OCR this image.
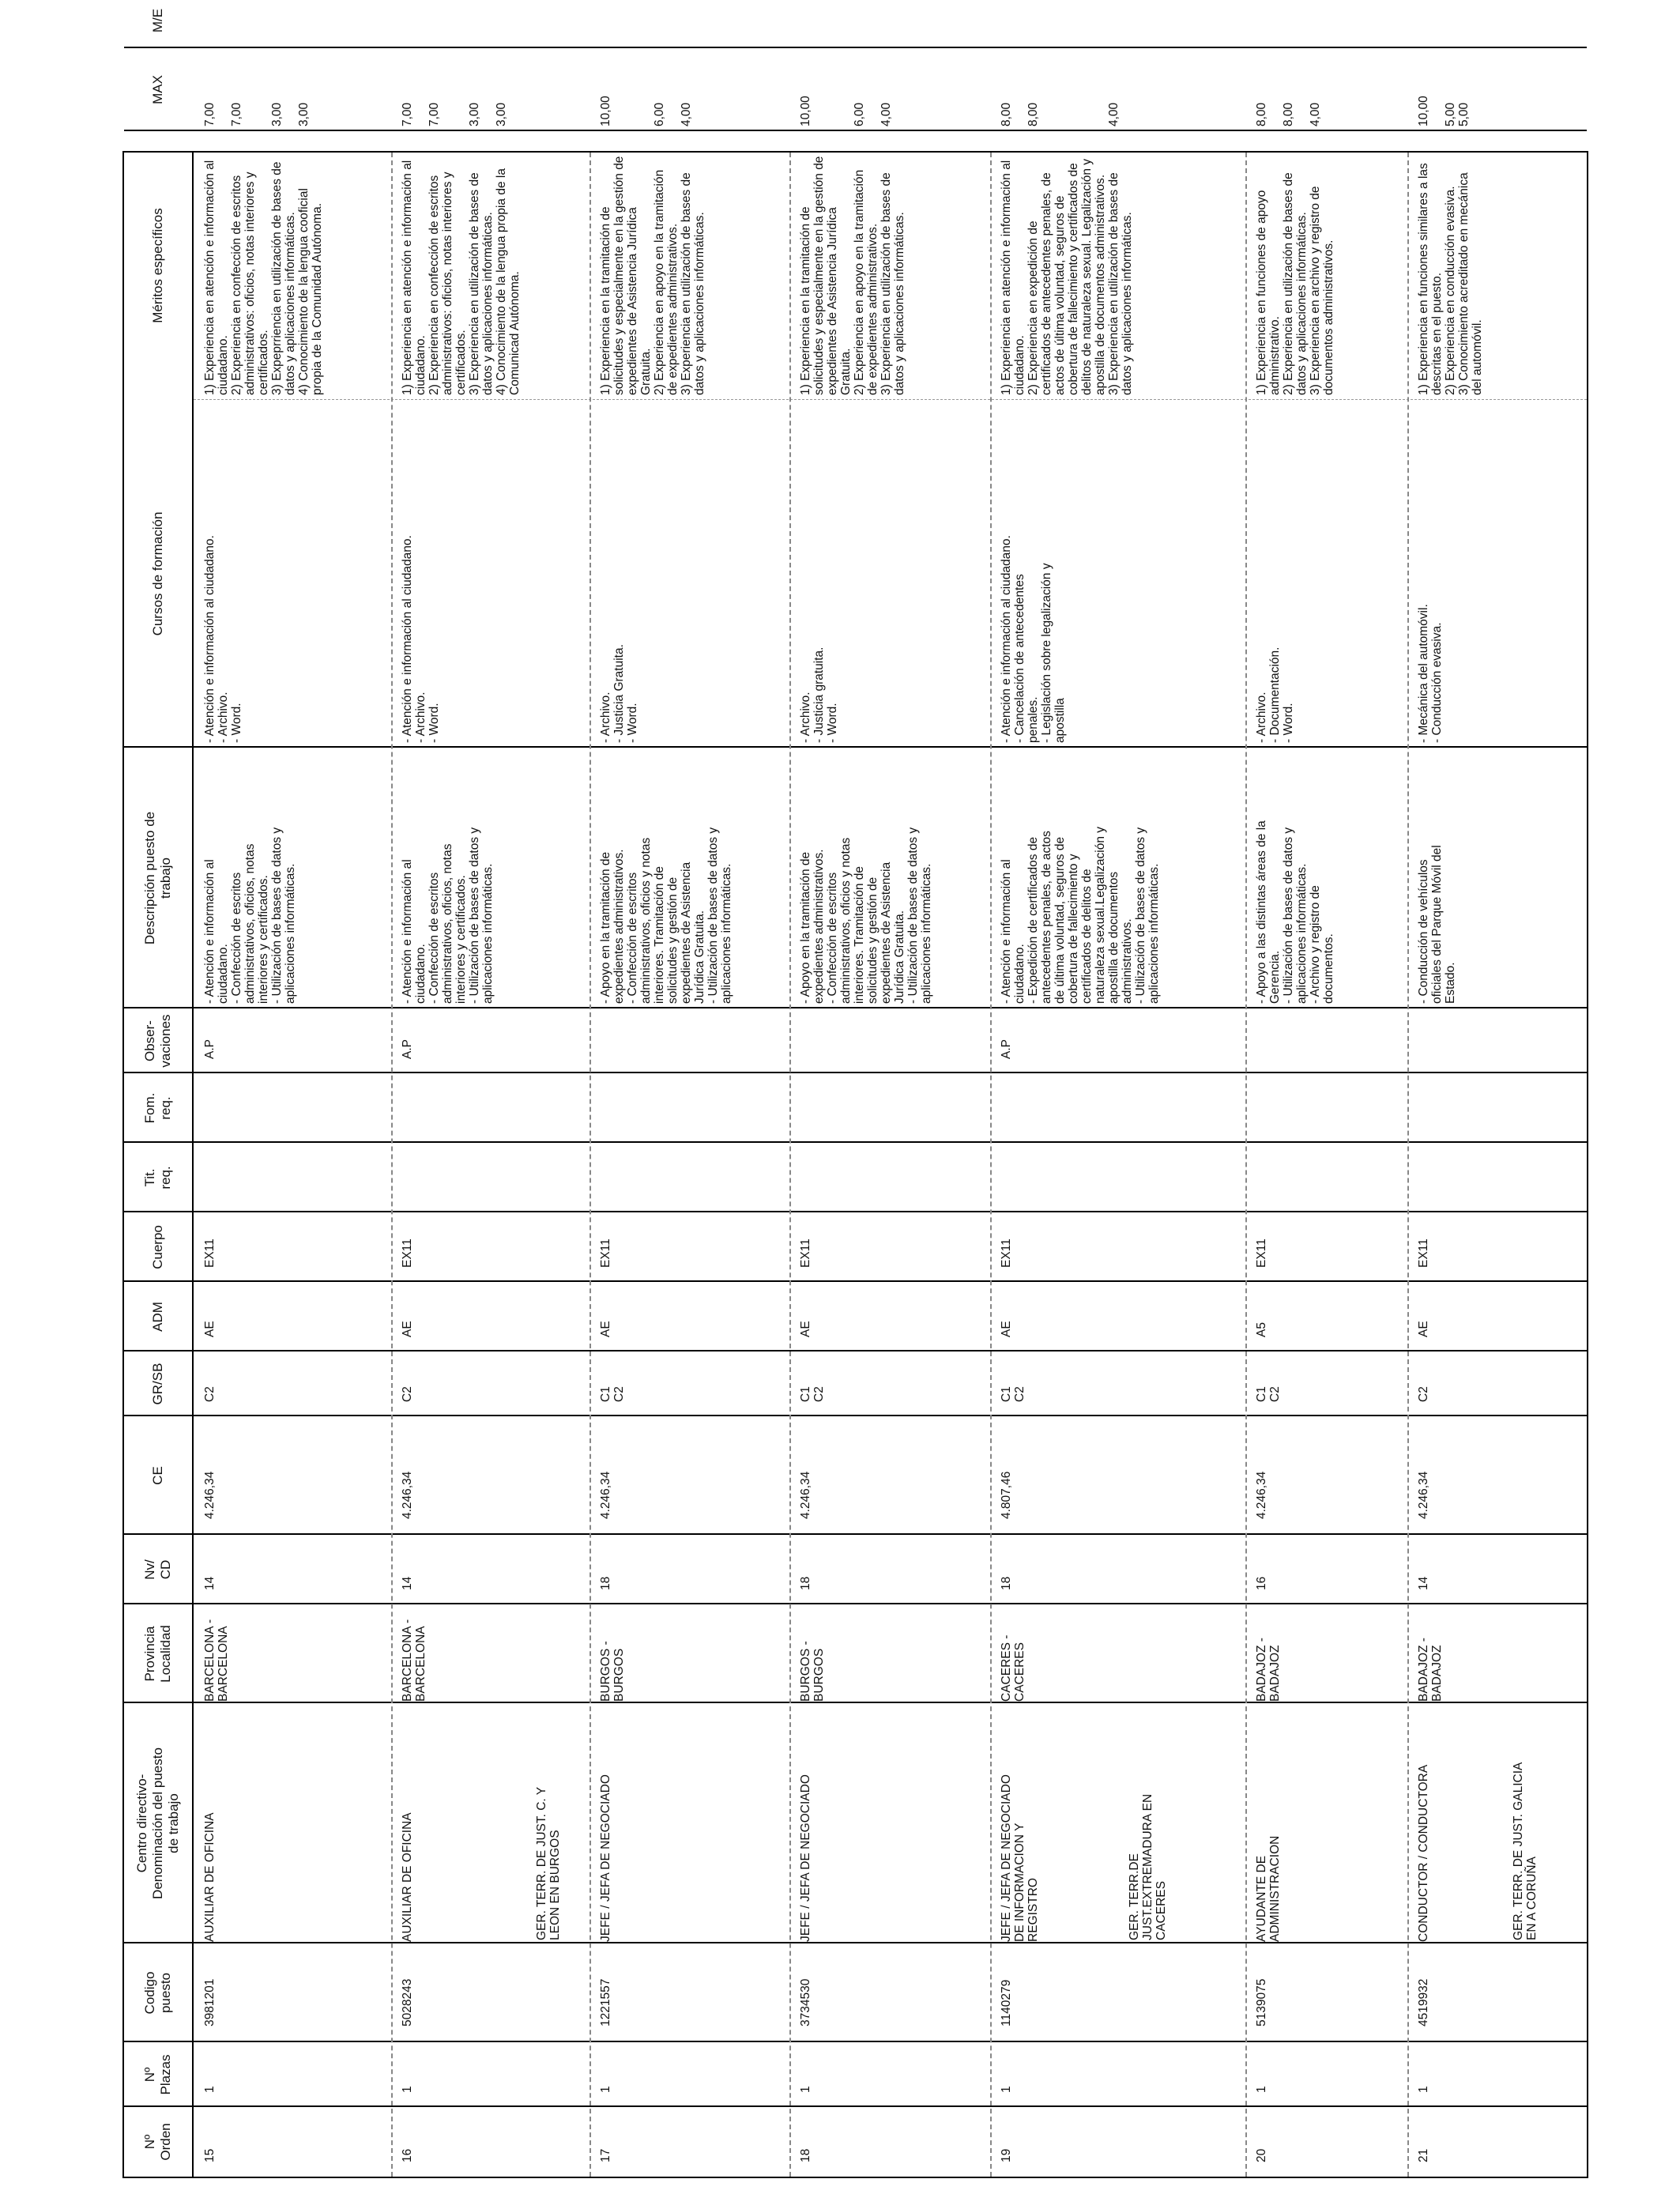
Nº
Orden
Nº
Plazas
Codigo
puesto
Centro directivo-
Denominación del puesto
de trabajo
Provincia
Localidad
Nv/
CD
CE
GR/SB
ADM
Cuerpo
Tit.
req.
Fom.
req.
Obser-
vaciones
Descripción puesto de
trabajo
Cursos de formación
Méritos específicos
MAX
M/E
15
1
3981201
AUXILIAR DE OFICINA
BARCELONA -
BARCELONA
14
4.246,34
C2
AE
EX11
A.P
- Atención e información al
ciudadano.
- Confección de escritos
administrativos, oficios, notas
interiores y certificados.
- Utilización de bases de datos y
aplicaciones informáticas.
- Atención e información al ciudadano.
- Archivo.
- Word.
1) Experiencia en atención e información al
ciudadano.
2) Experiencia en confección de escritos
administrativos: oficios, notas interiores y
certificados.
3) Expeprriencia en utilización de bases de
datos y aplicaciones informáticas.
4) Conocimiento de la lengua cooficial
propia de la Comunidad Autónoma.
7,00

7,00

3,00

3,00
16
1
5028243
AUXILIAR DE OFICINA
BARCELONA -
BARCELONA
14
4.246,34
C2
AE
EX11
A.P
- Atención e información al
ciudadano.
- Confección de escritos
administrativos, oficios, notas
interiores y certificados.
- Utilización de bases de datos y
aplicaciones informáticas.
- Atención e información al ciudadano.
- Archivo.
- Word.
1) Experiencia en atención e información al
ciudadano.
2) Experiencia en confección de escritos
administrativos: oficios, notas interiores y
certificados.
3) Experiencia en utilización de bases de
datos y aplicaciones informáticas.
4) Conocimiento de la lengua propia de la
Comunicad Autónoma.
7,00

7,00

3,00

3,00
17
1
1221557
JEFE / JEFA DE NEGOCIADO
BURGOS -
BURGOS
18
4.246,34
C1
C2
AE
EX11
- Apoyo en la tramitación de
expedientes administrativos.
- Confección de escritos
administrativos, oficios y notas
interiores. Tramitación de
solicitudes y gestión de
expedientes de Asistencia
Jurídica Gratuita.
- Utilización de bases de datos y
aplicaciones informáticas.
- Archivo.
- Justicia Gratuita.
- Word.
1) Experiencia en la tramitación de
solicitudes y especialmente en la gestión de
expedientes de Asistencia Jurídica
Gratuita.
2) Experiencia en apoyo en la tramitación
de expedientes administrativos.
3) Experiencia en utilización de bases de
datos y aplicaciones informáticas.
10,00

6,00

4,00
18
1
3734530
JEFE / JEFA DE NEGOCIADO
BURGOS -
BURGOS
18
4.246,34
C1
C2
AE
EX11
- Apoyo en la tramitación de
expedientes administrativos.
- Confección de escritos
administrativos, oficios y notas
interiores. Tramitación de
solicitudes y gestión de
expedientes de Asistencia
Jurídica Gratuita.
- Utilización de bases de datos y
aplicaciones informáticas.
- Archivo.
- Justicia gratuita.
- Word.
1) Experiencia en la tramitación de
solicitudes y especialmente en la gestión de
expedientes de Asistencia Jurídica
Gratuita.
2) Experiencia en apoyo en la tramitación
de expedientes administrativos.
3) Experiencia en utilización de bases de
datos y aplicaciones informáticas.
10,00

6,00

4,00
19
1
1140279
JEFE / JEFA DE NEGOCIADO
DE INFORMACION Y
REGISTRO
CACERES -
CACERES
18
4.807,46
C1
C2
AE
EX11
A.P
- Atención e información al
ciudadano.
- Expedición de certificados de
antecedentes penales, de actos
de última voluntad, seguros de
cobertura de fallecimiento y
certificados de delitos de
naturaleza sexual.Legalización y
apostilla de documentos
administrativos.
- Utilización de bases de datos y
aplicaciones informáticas.
- Atención e información al ciudadano.
- Cancelación de antecedentes
penales.
- Legislación sobre legalización y
apostilla
1) Experiencia en atención e información al
ciudadano.
2) Experiencia en expedición de
certificados de antecedentes penales, de
actos de última voluntad, seguros de
cobertura de fallecimiento y certificados de
delitos de naturaleza sexual. Legalización y
apostilla de documentos administrativos.
3) Experiencia en utilización de bases de
datos y aplicaciones informáticas.
8,00

8,00

4,00
20
1
5139075
AYUDANTE DE
ADMINISTRACION
BADAJOZ -
BADAJOZ
16
4.246,34
C1
C2
A5
EX11
- Apoyo a las distintas áreas de la
Gerencia.
- Utilización de bases de datos y
aplicaciones informáticas.
- Archivo y registro de
documentos.
- Archivo.
- Documentación.
- Word.
1) Experiencia en funciones de apoyo
administrativo.
2) Experiencia en utilización de bases de
datos y aplicaciones informáticas.
3) Experiencia en archivo y registro de
documentos administrativos.
8,00

8,00

4,00
21
1
4519932
CONDUCTOR / CONDUCTORA
BADAJOZ -
BADAJOZ
14
4.246,34
C2
AE
EX11
- Conducción de vehículos
oficiales del Parque Móvil del
Estado.
- Mecánica del automóvil.
- Conducción evasiva.
1) Experiencia en funciones similares a las
descritas en el puesto.
2) Experiencia en conducción evasiva.
3) Conocimiento acreditado en mecánica
del automóvil.
10,00

5,00
5,00
GER. TERR. DE JUST. C. Y
LEON EN BURGOS
GER. TERR.DE
JUST.EXTREMADURA EN
CACERES	GER. TERR. DE JUST. GALICIA
EN A CORUÑA
